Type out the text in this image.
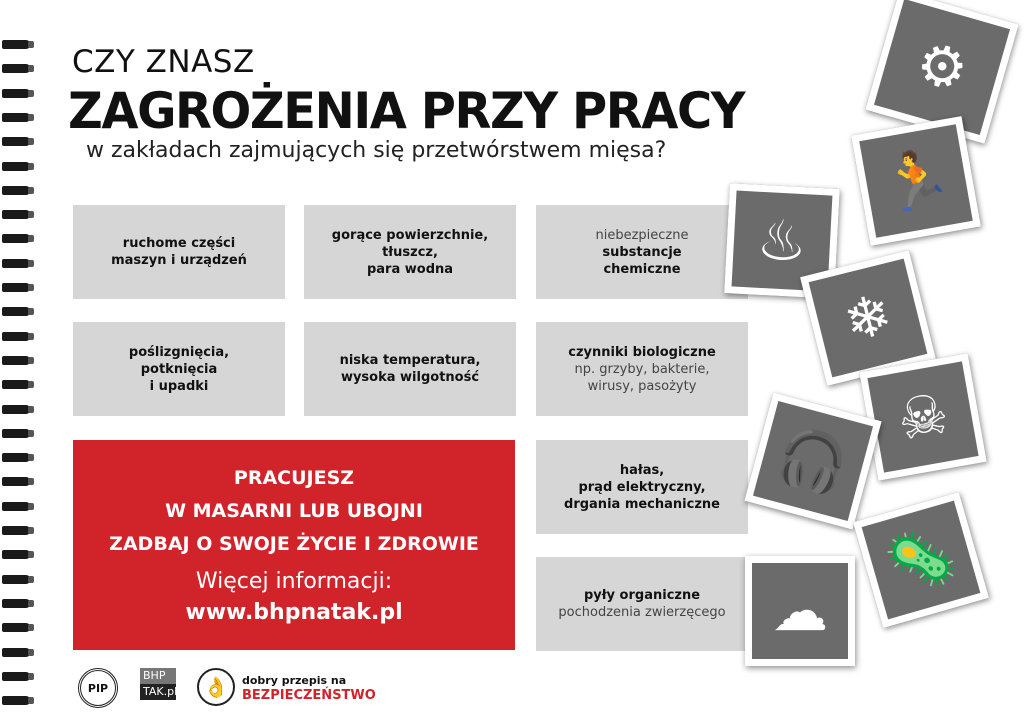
CZY ZNASZ
ZAGROŻENIA PRZY PRACY
w zakładach zajmujących się przetwórstwem mięsa?
ruchome części
maszyn i urządzeń
gorące powierzchnie,
tłuszcz,
para wodna
niebezpieczne
substancje
chemiczne
poślizgnięcia,
potknięcia
i upadki
niska temperatura,
wysoka wilgotność
czynniki biologiczne
np. grzyby, bakterie,
wirusy, pasożyty
hałas,
prąd elektryczny,
drgania mechaniczne
pyły organiczne
pochodzenia zwierzęcego
PRACUJESZ
W MASARNI LUB UBOJNI
ZADBAJ O SWOJE ŻYCIE I ZDROWIE
Więcej informacji:
www.bhpnatak.pl
⚙
🏃
♨
❄
☠
🎧
🦠
☁
PIP
BHP
TAK.pl	👌	dobry przepis na
BEZPIECZEŃSTWO
